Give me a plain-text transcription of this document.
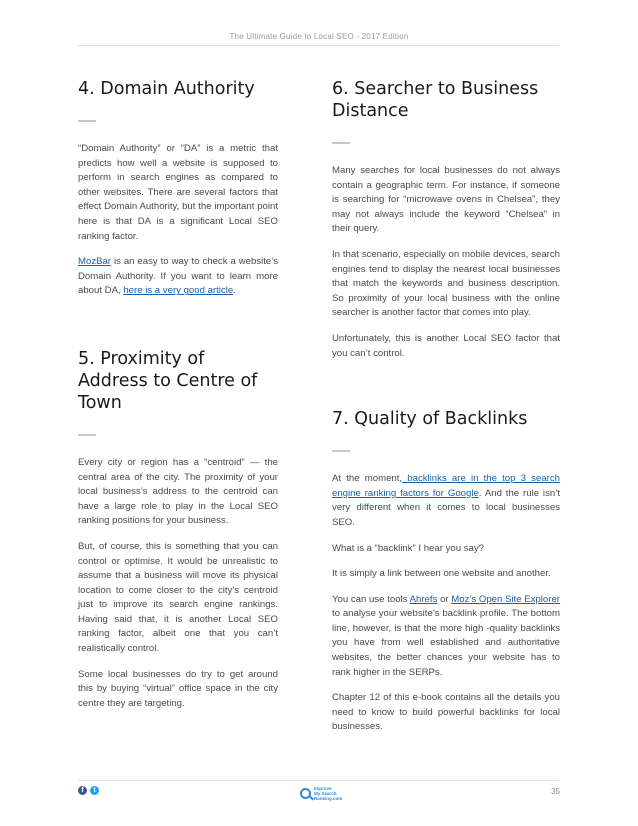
The Ultimate Guide to Local SEO - 2017 Edition
4. Domain Authority

“Domain Authority” or “DA” is a metric that predicts how well a website is supposed to perform in search engines as compared to other websites. There are several factors that effect Domain Authority, but the important point here is that DA is a significant Local SEO ranking factor.

MozBar is an easy to way to check a website’s Domain Authority. If you want to learn more about DA, here is a very good article.

5. Proximity of Address to Centre of Town

Every city or region has a “centroid” — the central area of the city. The proximity of your local business’s address to the centroid can have a large role to play in the Local SEO ranking positions for your business.

But, of course, this is something that you can control or optimise. It would be unrealistic to assume that a business will move its physical location to come closer to the city’s centroid just to improve its search engine rankings. Having said that, it is another Local SEO ranking factor, albeit one that you can’t realistically control.

Some local businesses do try to get around this by buying “virtual” office space in the city centre they are targeting.

6. Searcher to Business Distance

Many searches for local businesses do not always contain a geographic term. For instance, if someone is searching for “microwave ovens in Chelsea”, they may not always include the keyword “Chelsea” in their query.

In that scenario, especially on mobile devices, search engines tend to display the nearest local businesses that match the keywords and business description. So proximity of your local business with the online searcher is another factor that comes into play.

Unfortunately, this is another Local SEO factor that you can’t control.

7. Quality of Backlinks

At the moment, backlinks are in the top 3 search engine ranking factors for Google. And the rule isn’t very different when it comes to local businesses SEO.

What is a “backlink” I hear you say?

It is simply a link between one website and another.

You can use tools Ahrefs or Moz’s Open Site Explorer to analyse your website’s backlink profile. The bottom line, however, is that the more high -quality backlinks you have from well established and authoritative websites, the better chances your website has to rank higher in the SERPs.

Chapter 12 of this e-book contains all the details you need to know to build powerful backlinks for local businesses.

f	t	Improve
My Search
Ranking.com
35
